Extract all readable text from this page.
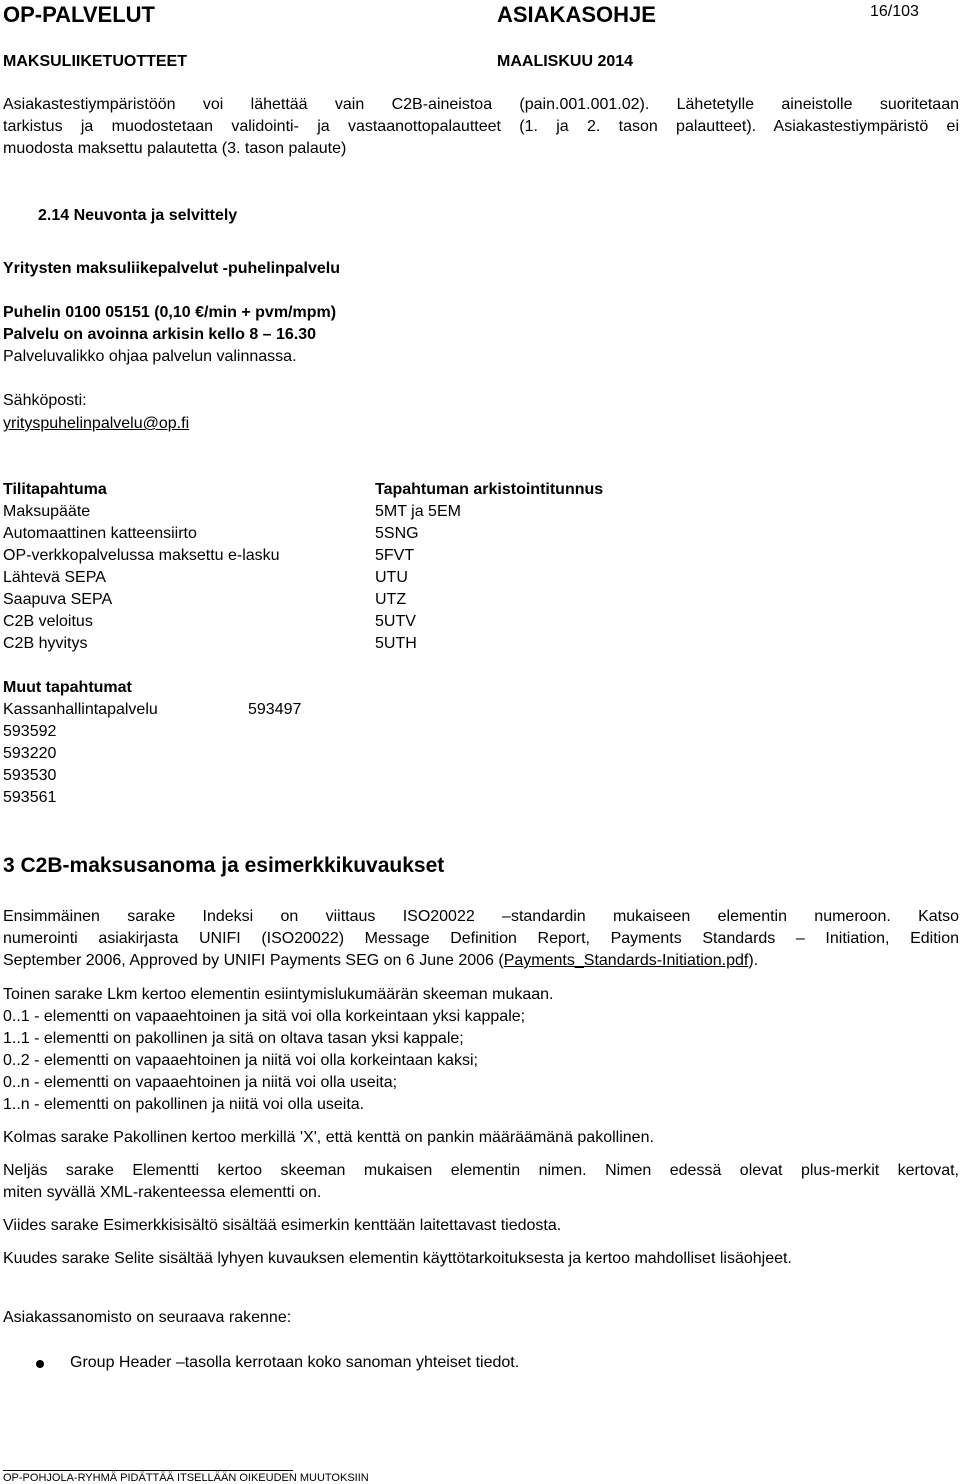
OP-PALVELUT	ASIAKASOHJE	16/103
MAKSULIIKETUOTTEET	MAALISKUU 2014
Asiakastestiympäristöön voi lähettää vain C2B-aineistoa (pain.001.001.02). Lähetetylle aineistolle suoritetaan
tarkistus ja muodostetaan validointi- ja vastaanottopalautteet (1. ja 2. tason palautteet). Asiakastestiympäristö ei
muodosta maksettu palautetta (3. tason palaute)
2.14 Neuvonta ja selvittely
Yritysten maksuliikepalvelut -puhelinpalvelu
Puhelin 0100 05151 (0,10 €/min + pvm/mpm)
Palvelu on avoinna arkisin kello 8 – 16.30
Palveluvalikko ohjaa palvelun valinnassa.
Sähköposti:
yrityspuhelinpalvelu@op.fi
Tilitapahtuma	Tapahtuman arkistointitunnus
Maksupääte	5MT ja 5EM
Automaattinen katteensiirto	5SNG
OP-verkkopalvelussa maksettu e-lasku	5FVT
Lähtevä SEPA	UTU
Saapuva SEPA	UTZ
C2B veloitus	5UTV
C2B hyvitys	5UTH
Muut tapahtumat
Kassanhallintapalvelu	593497
593592
593220
593530
593561
3 C2B-maksusanoma ja esimerkkikuvaukset
Ensimmäinen sarake Indeksi on viittaus ISO20022 –standardin mukaiseen elementin numeroon. Katso
numerointi asiakirjasta UNIFI (ISO20022) Message Definition Report, Payments Standards – Initiation, Edition
September 2006, Approved by UNIFI Payments SEG on 6 June 2006 (Payments_Standards-Initiation.pdf).
Toinen sarake Lkm kertoo elementin esiintymislukumäärän skeeman mukaan.
0..1 - elementti on vapaaehtoinen ja sitä voi olla korkeintaan yksi kappale;
1..1 - elementti on pakollinen ja sitä on oltava tasan yksi kappale;
0..2 - elementti on vapaaehtoinen ja niitä voi olla korkeintaan kaksi;
0..n - elementti on vapaaehtoinen ja niitä voi olla useita;
1..n - elementti on pakollinen ja niitä voi olla useita.
Kolmas sarake Pakollinen kertoo merkillä 'X', että kenttä on pankin määräämänä pakollinen.
Neljäs sarake Elementti kertoo skeeman mukaisen elementin nimen. Nimen edessä olevat plus-merkit kertovat,
miten syvällä XML-rakenteessa elementti on.
Viides sarake Esimerkkisisältö sisältää esimerkin kenttään laitettavast tiedosta.
Kuudes sarake Selite sisältää lyhyen kuvauksen elementin käyttötarkoituksesta ja kertoo mahdolliset lisäohjeet.
Asiakassanomisto on seuraava rakenne:
Group Header –tasolla kerrotaan koko sanoman yhteiset tiedot.
OP-POHJOLA-RYHMÄ PIDÄTTÄÄ ITSELLÄÄN OIKEUDEN MUUTOKSIIN
